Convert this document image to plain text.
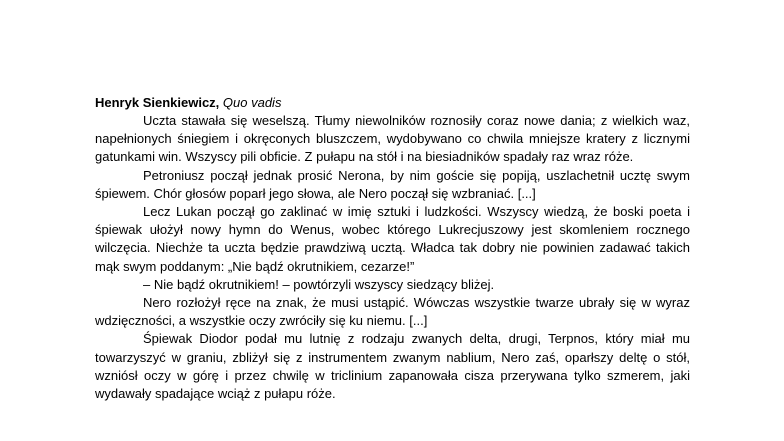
Henryk Sienkiewicz, Quo vadis

Uczta stawała się weselszą. Tłumy niewolników roznosiły coraz nowe dania; z wielkich waz, napełnionych śniegiem i okręconych bluszczem, wydobywano co chwila mniejsze kratery z licznymi gatunkami win. Wszyscy pili obficie. Z pułapu na stół i na biesiadników spadały raz wraz róże.

Petroniusz począł jednak prosić Nerona, by nim goście się popiją, uszlachetnił ucztę swym śpiewem. Chór głosów poparł jego słowa, ale Nero począł się wzbraniać. [...]

Lecz Lukan począł go zaklinać w imię sztuki i ludzkości. Wszyscy wiedzą, że boski poeta i śpiewak ułożył nowy hymn do Wenus, wobec którego Lukrecjuszowy jest skomleniem rocznego wilczęcia. Niechże ta uczta będzie prawdziwą ucztą. Władca tak dobry nie powinien zadawać takich mąk swym poddanym: „Nie bądź okrutnikiem, cezarze!”

– Nie bądź okrutnikiem! – powtórzyli wszyscy siedzący bliżej.

Nero rozłożył ręce na znak, że musi ustąpić. Wówczas wszystkie twarze ubrały się w wyraz wdzięczności, a wszystkie oczy zwróciły się ku niemu. [...]

Śpiewak Diodor podał mu lutnię z rodzaju zwanych delta, drugi, Terpnos, który miał mu towarzyszyć w graniu, zbliżył się z instrumentem zwanym nablium, Nero zaś, oparłszy deltę o stół, wzniósł oczy w górę i przez chwilę w triclinium zapanowała cisza przerywana tylko szmerem, jaki wydawały spadające wciąż z pułapu róże.
